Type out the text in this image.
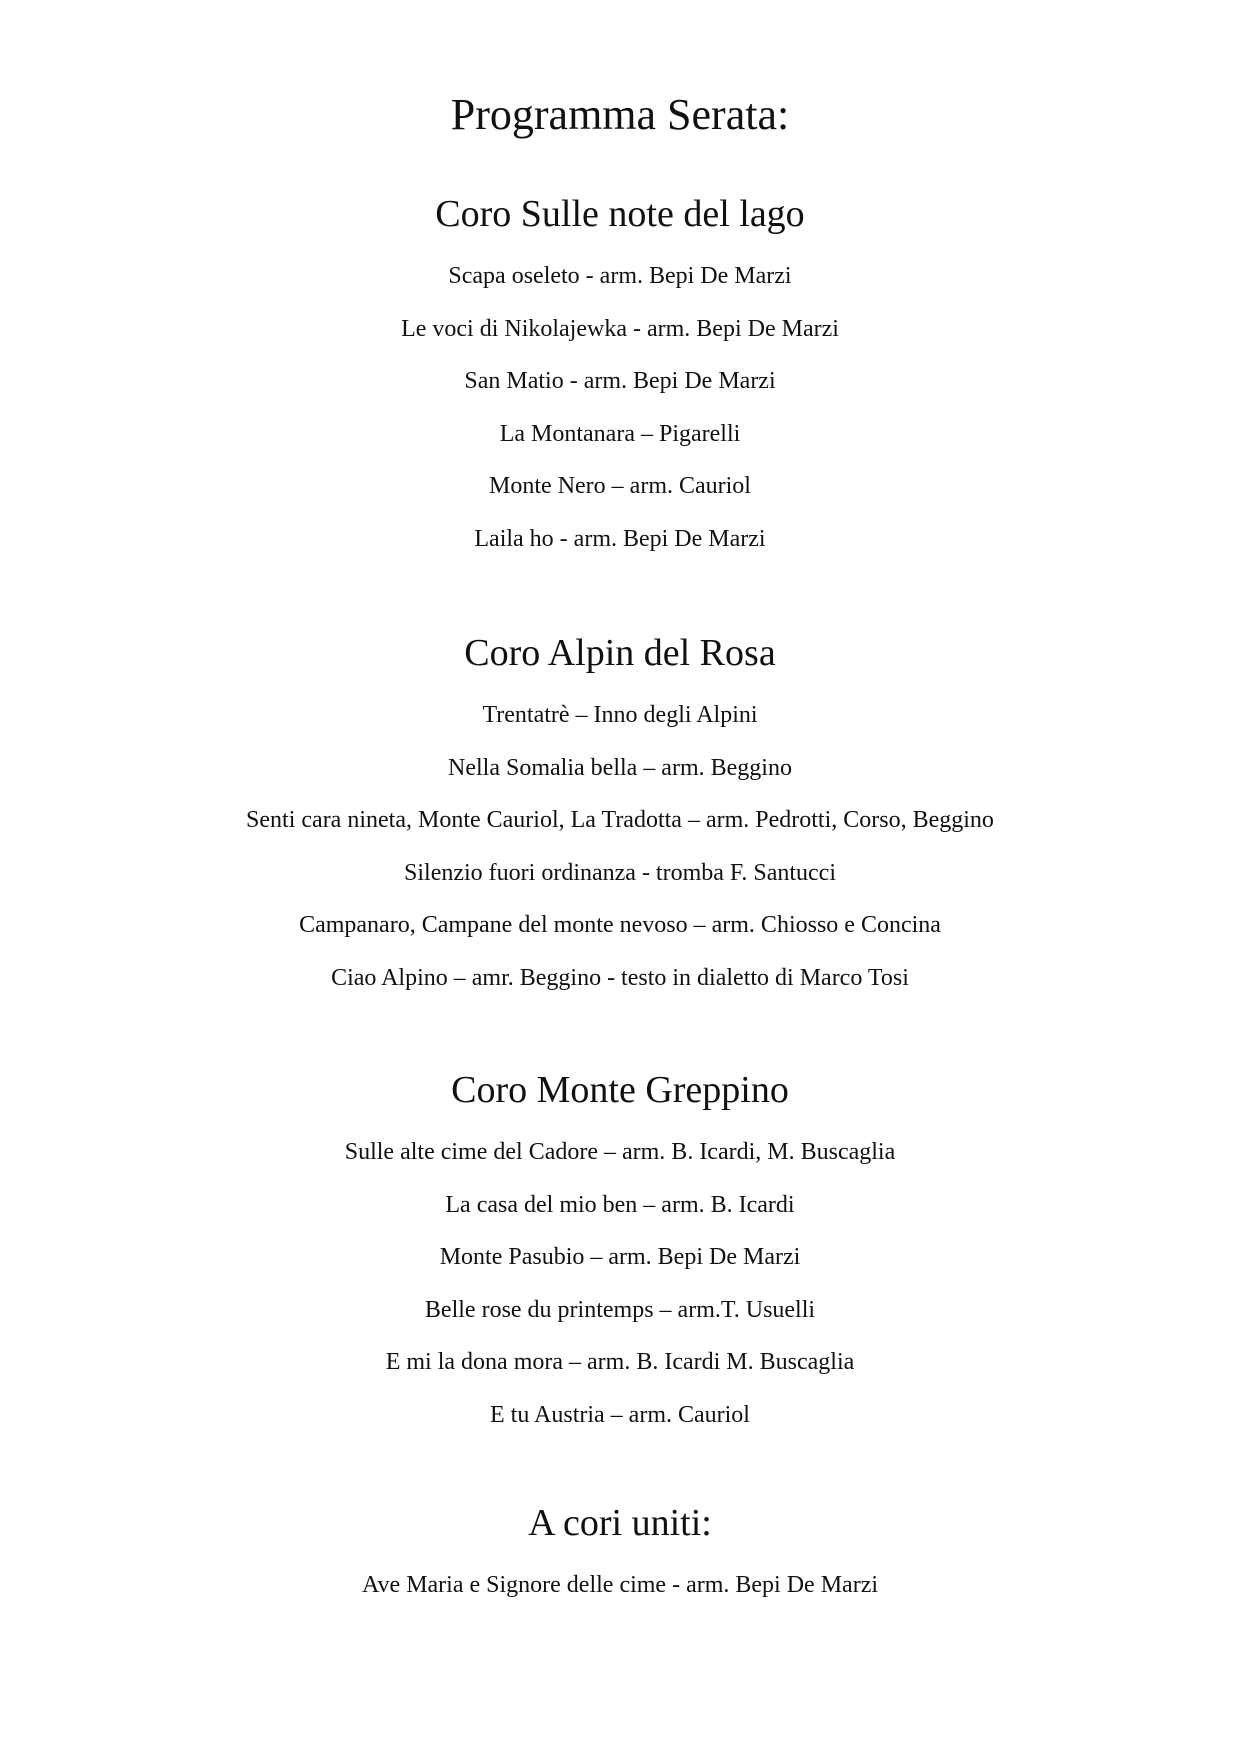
Programma Serata:
Coro Sulle note del lago
Scapa oseleto - arm. Bepi De Marzi
Le voci di Nikolajewka - arm. Bepi De Marzi
San Matio - arm. Bepi De Marzi
La Montanara – Pigarelli
Monte Nero – arm. Cauriol
Laila ho - arm. Bepi De Marzi
Coro Alpin del Rosa
Trentatrè – Inno degli Alpini
Nella Somalia bella – arm. Beggino
Senti cara nineta, Monte Cauriol, La Tradotta – arm. Pedrotti, Corso, Beggino
Silenzio fuori ordinanza - tromba F. Santucci
Campanaro, Campane del monte nevoso – arm. Chiosso e Concina
Ciao Alpino – amr. Beggino - testo in dialetto di Marco Tosi
Coro Monte Greppino
Sulle alte cime del Cadore – arm. B. Icardi, M. Buscaglia
La casa del mio ben – arm. B. Icardi
Monte Pasubio – arm. Bepi De Marzi
Belle rose du printemps – arm.T. Usuelli
E mi la dona mora – arm. B. Icardi M. Buscaglia
E tu Austria – arm. Cauriol
A cori uniti:
Ave Maria e Signore delle cime - arm. Bepi De Marzi
